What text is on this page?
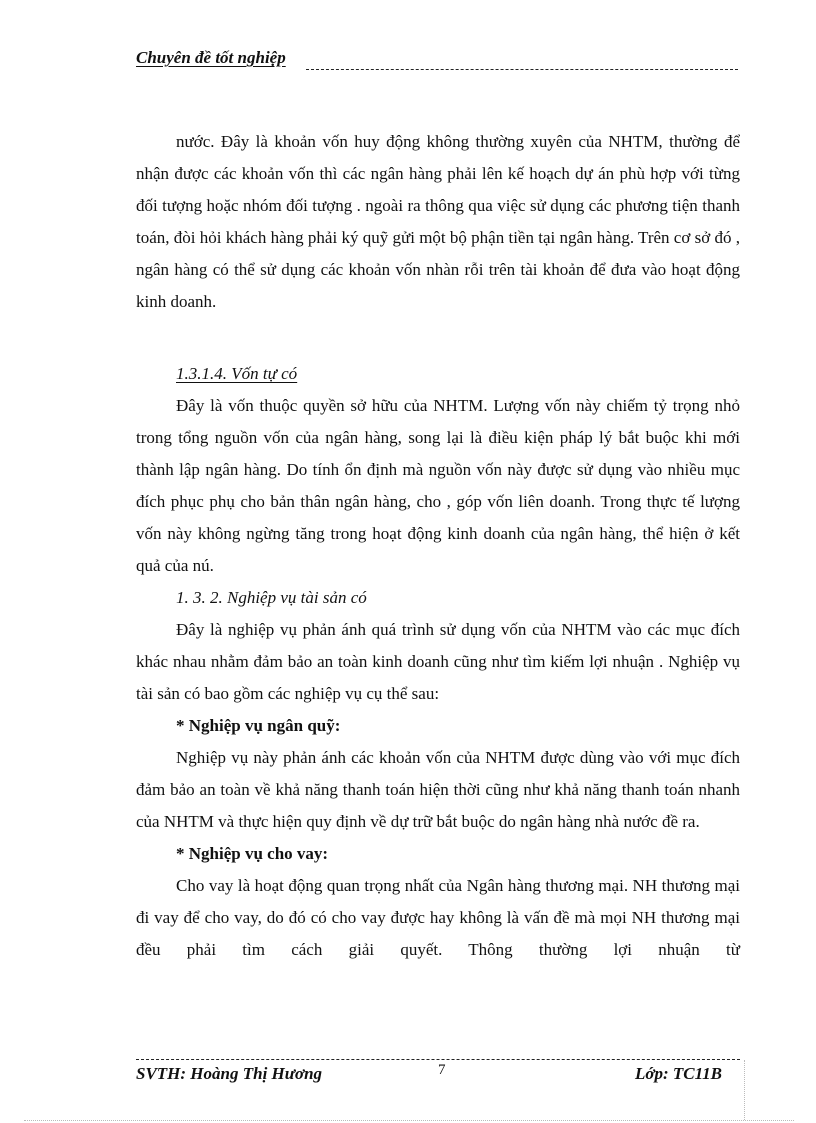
Chuyên đề tốt nghiệp

nước. Đây là khoản vốn huy động không thường xuyên của NHTM, thường để nhận được các khoản vốn thì các ngân hàng phải lên kế hoạch dự án phù hợp với từng đối tượng hoặc nhóm đối tượng . ngoài ra thông qua việc sử dụng các phương tiện thanh toán, đòi hỏi khách hàng phải ký quỹ gửi một bộ phận tiền tại ngân hàng. Trên cơ sở đó , ngân hàng có thể sử dụng các khoản vốn nhàn rỗi trên tài khoản để đưa vào hoạt động kinh doanh.

1.3.1.4. Vốn tự có

Đây là vốn thuộc quyền sở hữu của NHTM. Lượng vốn này chiếm tỷ trọng nhỏ trong tổng nguồn vốn của ngân hàng, song lại là điều kiện pháp lý bắt buộc khi mới thành lập ngân hàng. Do tính ổn định mà nguồn vốn này được sử dụng vào nhiều mục đích phục phụ cho bản thân ngân hàng, cho , góp vốn liên doanh. Trong thực tế lượng vốn này không ngừng tăng trong hoạt động kinh doanh của ngân hàng, thể hiện ở kết quả của nú.

1. 3. 2. Nghiệp vụ tài sản có

Đây là nghiệp vụ phản ánh quá trình sử dụng vốn của NHTM vào các mục đích khác nhau nhằm đảm bảo an toàn kinh doanh cũng như tìm kiếm lợi nhuận . Nghiệp vụ tài sản có bao gồm các nghiệp vụ cụ thể sau:

* Nghiệp vụ ngân quỹ:

Nghiệp vụ này phản ánh các khoản vốn của NHTM được dùng vào với mục đích đảm bảo an toàn về khả năng thanh toán hiện thời cũng như khả năng thanh toán nhanh của NHTM và thực hiện quy định về dự trữ bắt buộc do ngân hàng nhà nước đề ra.

* Nghiệp vụ cho vay:

Cho vay là hoạt động quan trọng nhất của Ngân hàng thương mại. NH thương mại đi vay để cho vay, do đó có cho vay được hay không là vấn đề mà mọi NH thương mại đều phải tìm cách giải quyết. Thông thường lợi nhuận từ

SVTH: Hoàng Thị Hương	7	Lớp: TC11B
